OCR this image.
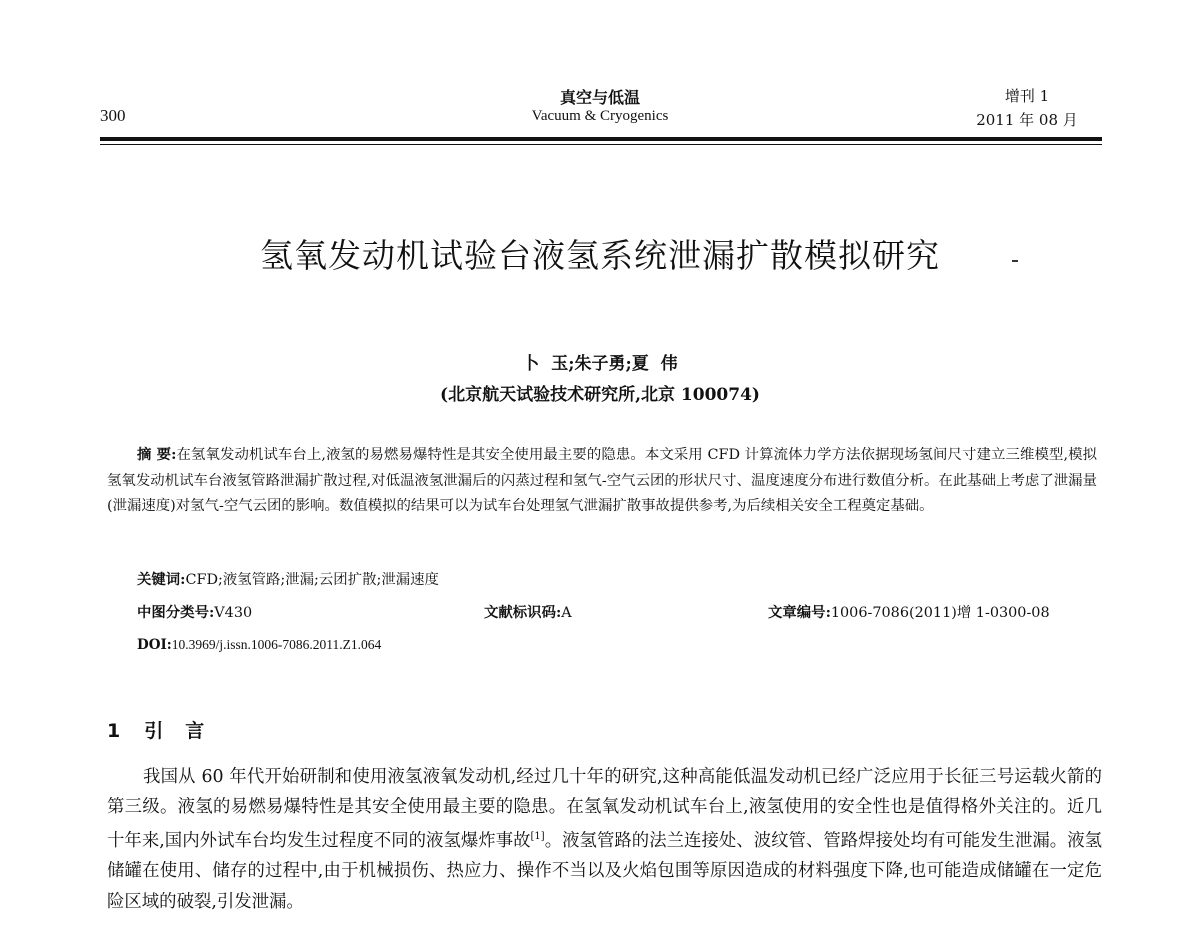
300
真空与低温
Vacuum & Cryogenics
增刊 1
2011 年 08 月
氢氧发动机试验台液氢系统泄漏扩散模拟研究
卜 玉;朱子勇;夏 伟
(北京航天试验技术研究所,北京 100074)
摘 要:在氢氧发动机试车台上,液氢的易燃易爆特性是其安全使用最主要的隐患。本文采用 CFD 计算流体力学方法依据现场氢间尺寸建立三维模型,模拟氢氧发动机试车台液氢管路泄漏扩散过程,对低温液氢泄漏后的闪蒸过程和氢气-空气云团的形状尺寸、温度速度分布进行数值分析。在此基础上考虑了泄漏量(泄漏速度)对氢气-空气云团的影响。数值模拟的结果可以为试车台处理氢气泄漏扩散事故提供参考,为后续相关安全工程奠定基础。
关键词:CFD;液氢管路;泄漏;云团扩散;泄漏速度
中图分类号:V430	文献标识码:A	文章编号:1006-7086(2011)增 1-0300-08
DOI:10.3969/j.issn.1006-7086.2011.Z1.064
1 引言
我国从 60 年代开始研制和使用液氢液氧发动机,经过几十年的研究,这种高能低温发动机已经广泛应用于长征三号运载火箭的第三级。液氢的易燃易爆特性是其安全使用最主要的隐患。在氢氧发动机试车台上,液氢使用的安全性也是值得格外关注的。近几十年来,国内外试车台均发生过程度不同的液氢爆炸事故[1]。液氢管路的法兰连接处、波纹管、管路焊接处均有可能发生泄漏。液氢储罐在使用、储存的过程中,由于机械损伤、热应力、操作不当以及火焰包围等原因造成的材料强度下降,也可能造成储罐在一定危险区域的破裂,引发泄漏。
